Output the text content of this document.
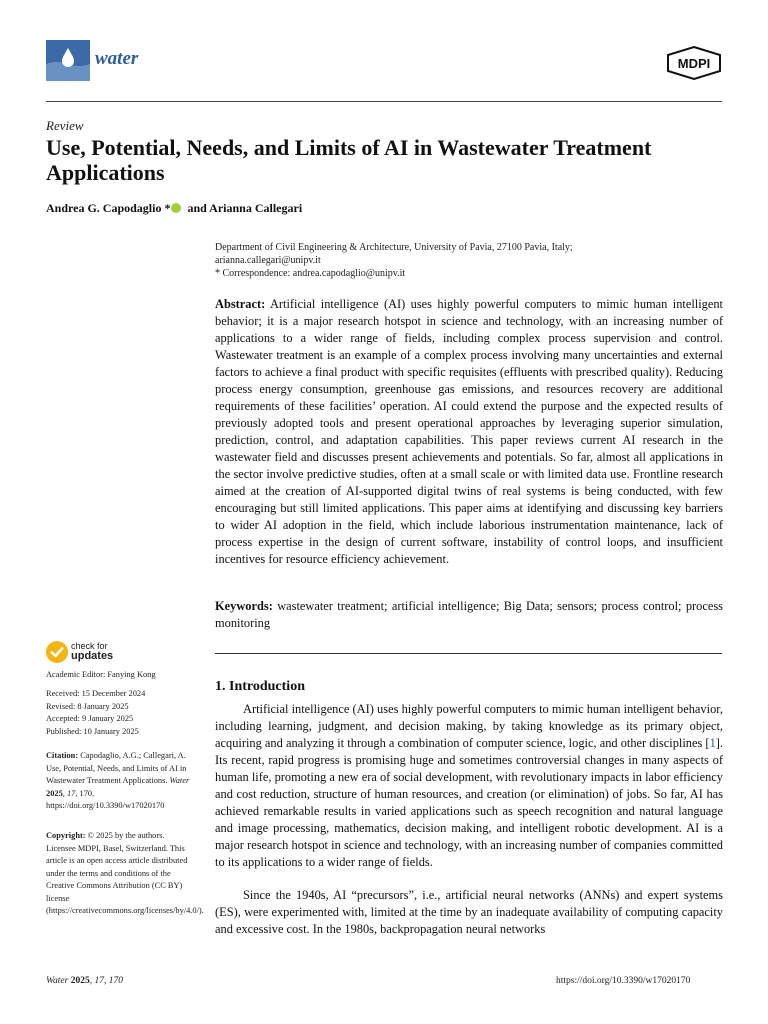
water	MDPI
Review
Use, Potential, Needs, and Limits of AI in Wastewater Treatment Applications
Andrea G. Capodaglio * and Arianna Callegari
Department of Civil Engineering & Architecture, University of Pavia, 27100 Pavia, Italy;
arianna.callegari@unipv.it
* Correspondence: andrea.capodaglio@unipv.it
Abstract: Artificial intelligence (AI) uses highly powerful computers to mimic human intelligent behavior; it is a major research hotspot in science and technology, with an increasing number of applications to a wider range of fields, including complex process supervision and control. Wastewater treatment is an example of a complex process involving many uncertainties and external factors to achieve a final product with specific requisites (effluents with prescribed quality). Reducing process energy consumption, greenhouse gas emissions, and resources recovery are additional requirements of these facilities’ operation. AI could extend the purpose and the expected results of previously adopted tools and present operational approaches by leveraging superior simulation, prediction, control, and adaptation capabilities. This paper reviews current AI research in the wastewater field and discusses present achievements and potentials. So far, almost all applications in the sector involve predictive studies, often at a small scale or with limited data use. Frontline research aimed at the creation of AI-supported digital twins of real systems is being conducted, with few encouraging but still limited applications. This paper aims at identifying and discussing key barriers to wider AI adoption in the field, which include laborious instrumentation maintenance, lack of process expertise in the design of current software, instability of control loops, and insufficient incentives for resource efficiency achievement.
Keywords: wastewater treatment; artificial intelligence; Big Data; sensors; process control; process monitoring
1. Introduction
Artificial intelligence (AI) uses highly powerful computers to mimic human intelligent behavior, including learning, judgment, and decision making, by taking knowledge as its primary object, acquiring and analyzing it through a combination of computer science, logic, and other disciplines [1]. Its recent, rapid progress is promising huge and sometimes controversial changes in many aspects of human life, promoting a new era of social development, with revolutionary impacts in labor efficiency and cost reduction, structure of human resources, and creation (or elimination) of jobs. So far, AI has achieved remarkable results in varied applications such as speech recognition and natural language and image processing, mathematics, decision making, and intelligent robotic development. AI is a major research hotspot in science and technology, with an increasing number of companies committed to its applications to a wider range of fields.
Since the 1940s, AI “precursors”, i.e., artificial neural networks (ANNs) and expert systems (ES), were experimented with, limited at the time by an inadequate availability of computing capacity and excessive cost. In the 1980s, backpropagation neural networks
check for
updates
Academic Editor: Fanying Kong
Received: 15 December 2024
Revised: 8 January 2025
Accepted: 9 January 2025
Published: 10 January 2025
Citation: Capodaglio, A.G.; Callegari, A. Use, Potential, Needs, and Limits of AI in Wastewater Treatment Applications. Water 2025, 17, 170. https://doi.org/10.3390/w17020170
Copyright: © 2025 by the authors. Licensee MDPI, Basel, Switzerland. This article is an open access article distributed under the terms and conditions of the Creative Commons Attribution (CC BY) license (https://creativecommons.org/licenses/by/4.0/).
Water 2025, 17, 170	https://doi.org/10.3390/w17020170
